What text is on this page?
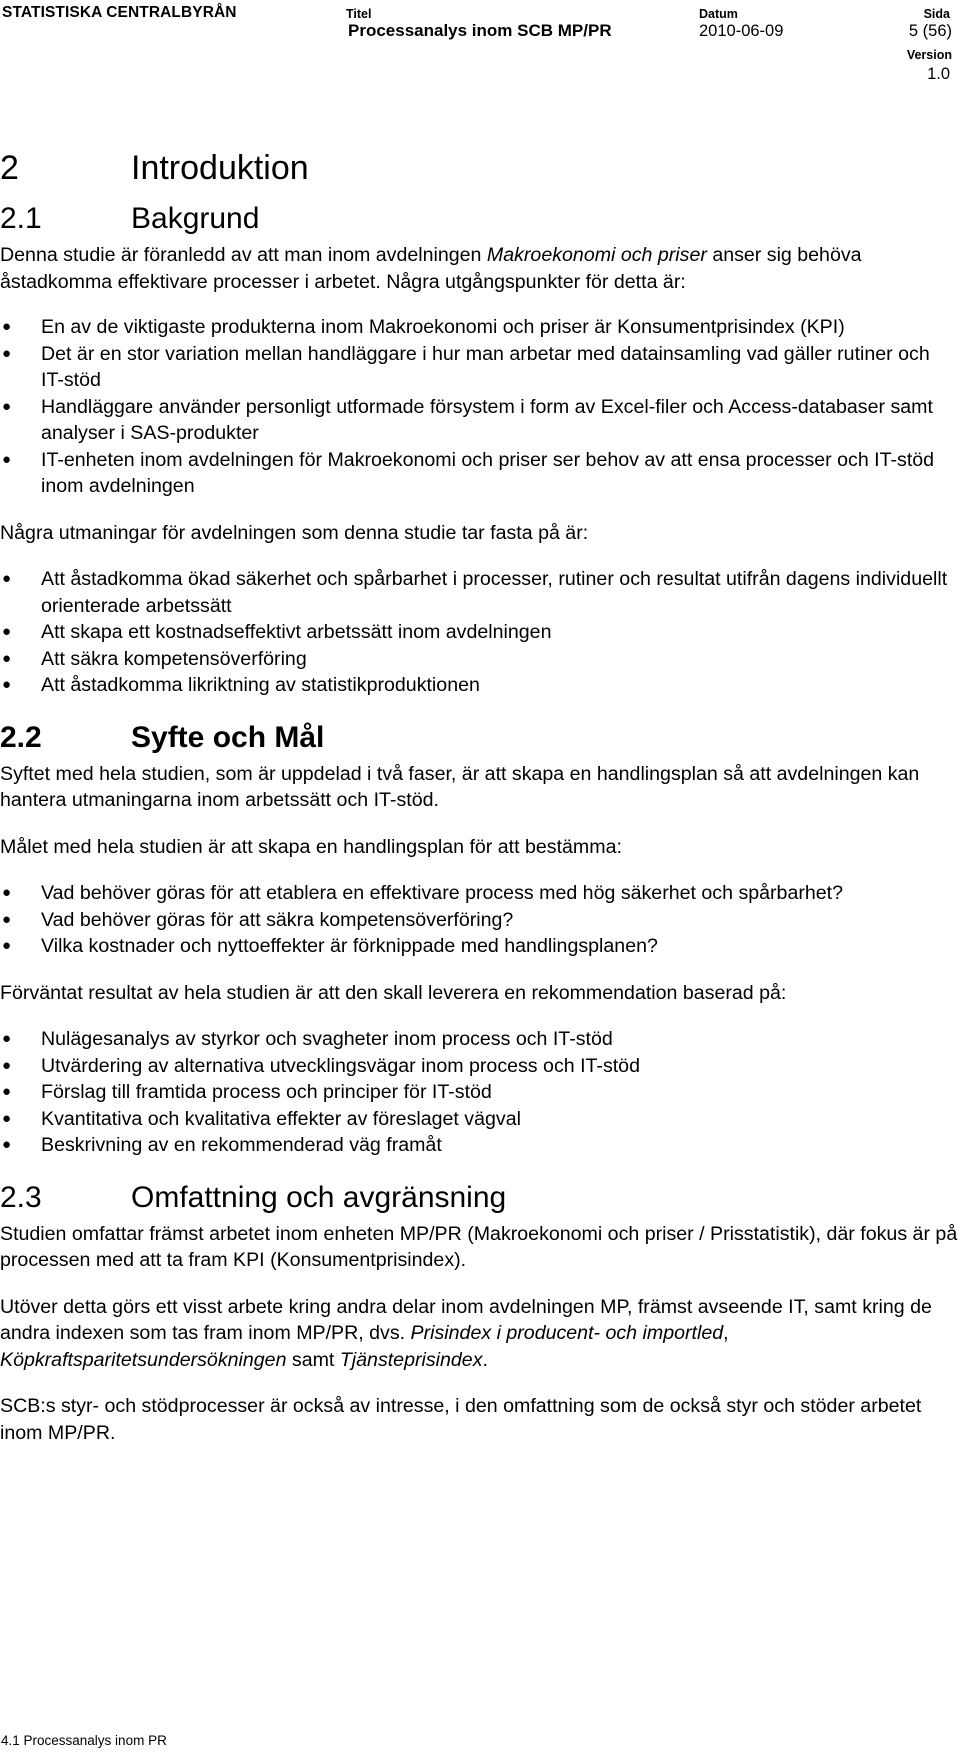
STATISTISKA CENTRALBYRÅN	Titel
Processanalys inom SCB MP/PR
Datum
2010-06-09
Sida
5 (56)
Version
1.0
2	Introduktion
2.1	Bakgrund

Denna studie är föranledd av att man inom avdelningen Makroekonomi och priser anser sig behöva åstadkomma effektivare processer i arbetet. Några utgångspunkter för detta är:

● En av de viktigaste produkterna inom Makroekonomi och priser är Konsumentprisindex (KPI)
● Det är en stor variation mellan handläggare i hur man arbetar med datainsamling vad gäller rutiner och IT-stöd
● Handläggare använder personligt utformade försystem i form av Excel-filer och Access-databaser samt analyser i SAS-produkter
● IT-enheten inom avdelningen för Makroekonomi och priser ser behov av att ensa processer och IT-stöd inom avdelningen

Några utmaningar för avdelningen som denna studie tar fasta på är:

● Att åstadkomma ökad säkerhet och spårbarhet i processer, rutiner och resultat utifrån dagens individuellt orienterade arbetssätt
● Att skapa ett kostnadseffektivt arbetssätt inom avdelningen
● Att säkra kompetensöverföring
● Att åstadkomma likriktning av statistikproduktionen
2.2	Syfte och Mål

Syftet med hela studien, som är uppdelad i två faser, är att skapa en handlingsplan så att avdelningen kan hantera utmaningarna inom arbetssätt och IT-stöd.

Målet med hela studien är att skapa en handlingsplan för att bestämma:

● Vad behöver göras för att etablera en effektivare process med hög säkerhet och spårbarhet?
● Vad behöver göras för att säkra kompetensöverföring?
● Vilka kostnader och nyttoeffekter är förknippade med handlingsplanen?

Förväntat resultat av hela studien är att den skall leverera en rekommendation baserad på:

● Nulägesanalys av styrkor och svagheter inom process och IT-stöd
● Utvärdering av alternativa utvecklingsvägar inom process och IT-stöd
● Förslag till framtida process och principer för IT-stöd
● Kvantitativa och kvalitativa effekter av föreslaget vägval
● Beskrivning av en rekommenderad väg framåt
2.3	Omfattning och avgränsning

Studien omfattar främst arbetet inom enheten MP/PR (Makroekonomi och priser / Prisstatistik), där fokus är på processen med att ta fram KPI (Konsumentprisindex).

Utöver detta görs ett visst arbete kring andra delar inom avdelningen MP, främst avseende IT, samt kring de andra indexen som tas fram inom MP/PR, dvs. Prisindex i producent- och importled, Köpkraftsparitetsundersökningen samt Tjänsteprisindex.

SCB:s styr- och stödprocesser är också av intresse, i den omfattning som de också styr och stöder arbetet inom MP/PR.

4.1 Processanalys inom PR
